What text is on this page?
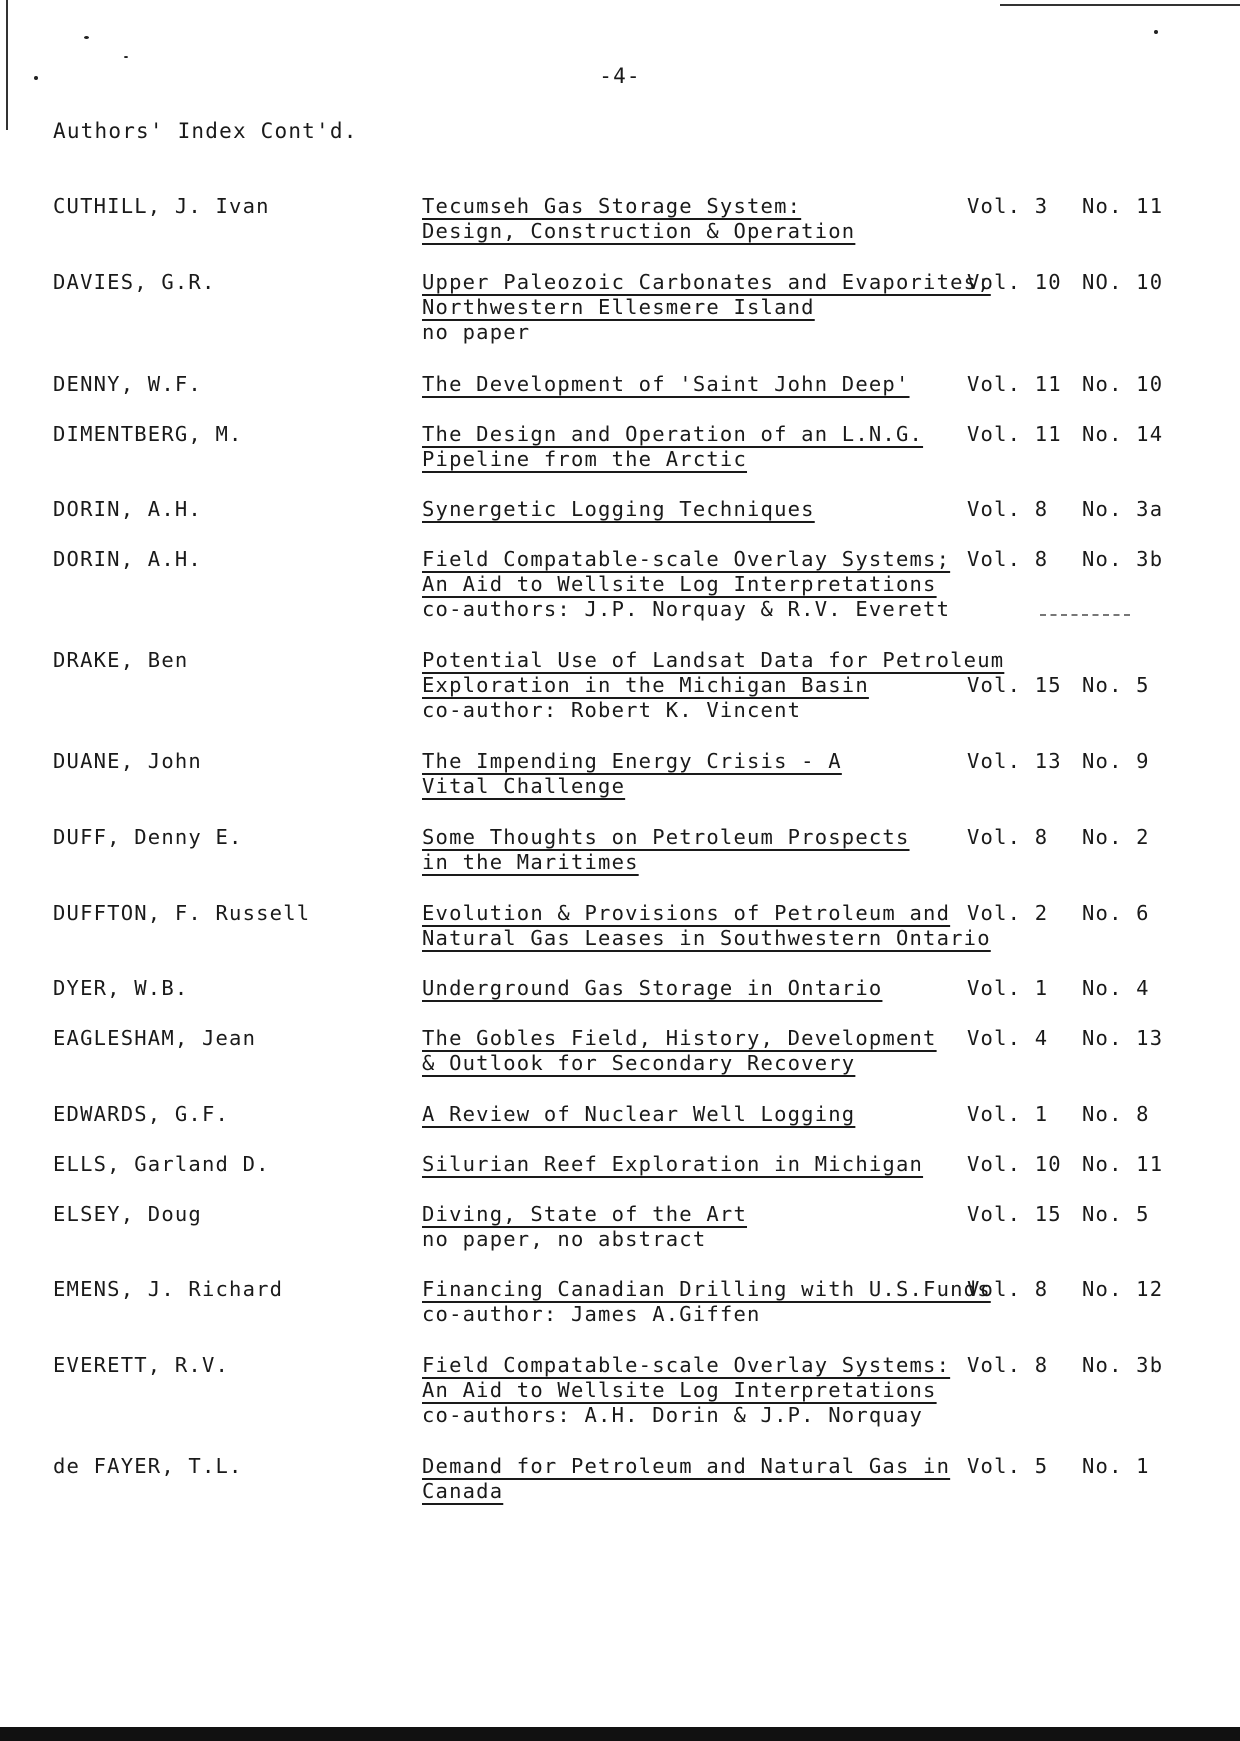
-4-
Authors' Index Cont'd.
CUTHILL, J. Ivan	Tecumseh Gas Storage System:
Design, Construction & Operation
Vol. 3 No. 11
DAVIES, G.R.	Upper Paleozoic Carbonates and Evaporites;
Northwestern Ellesmere Island
no paper
Vol. 10 NO. 10
DENNY, W.F.	The Development of 'Saint John Deep'	Vol. 11 No. 10
DIMENTBERG, M.	The Design and Operation of an L.N.G.
Pipeline from the Arctic
Vol. 11 No. 14
DORIN, A.H.	Synergetic Logging Techniques	Vol. 8 No. 3a
DORIN, A.H.	Field Compatable-scale Overlay Systems;
An Aid to Wellsite Log Interpretations
co-authors: J.P. Norquay & R.V. Everett
Vol. 8 No. 3b
DRAKE, Ben	Potential Use of Landsat Data for Petroleum
Exploration in the Michigan Basin
co-author: Robert K. Vincent
Vol. 15 No. 5
DUANE, John	The Impending Energy Crisis - A
Vital Challenge
Vol. 13 No. 9
DUFF, Denny E.	Some Thoughts on Petroleum Prospects
in the Maritimes
Vol. 8 No. 2
DUFFTON, F. Russell	Evolution & Provisions of Petroleum and
Natural Gas Leases in Southwestern Ontario
Vol. 2 No. 6
DYER, W.B.	Underground Gas Storage in Ontario	Vol. 1 No. 4
EAGLESHAM, Jean	The Gobles Field, History, Development
& Outlook for Secondary Recovery
Vol. 4 No. 13
EDWARDS, G.F.	A Review of Nuclear Well Logging	Vol. 1 No. 8
ELLS, Garland D.	Silurian Reef Exploration in Michigan Vol. 10 No. 11
ELSEY, Doug	Diving, State of the Art
no paper, no abstract
Vol. 15 No. 5
EMENS, J. Richard	Financing Canadian Drilling with U.S.Funds
co-author: James A.Giffen
Vol. 8 No. 12
EVERETT, R.V.	Field Compatable-scale Overlay Systems:
An Aid to Wellsite Log Interpretations
co-authors: A.H. Dorin & J.P. Norquay
Vol. 8 No. 3b
de FAYER, T.L.	Demand for Petroleum and Natural Gas in
Canada
Vol. 5 No. 1
